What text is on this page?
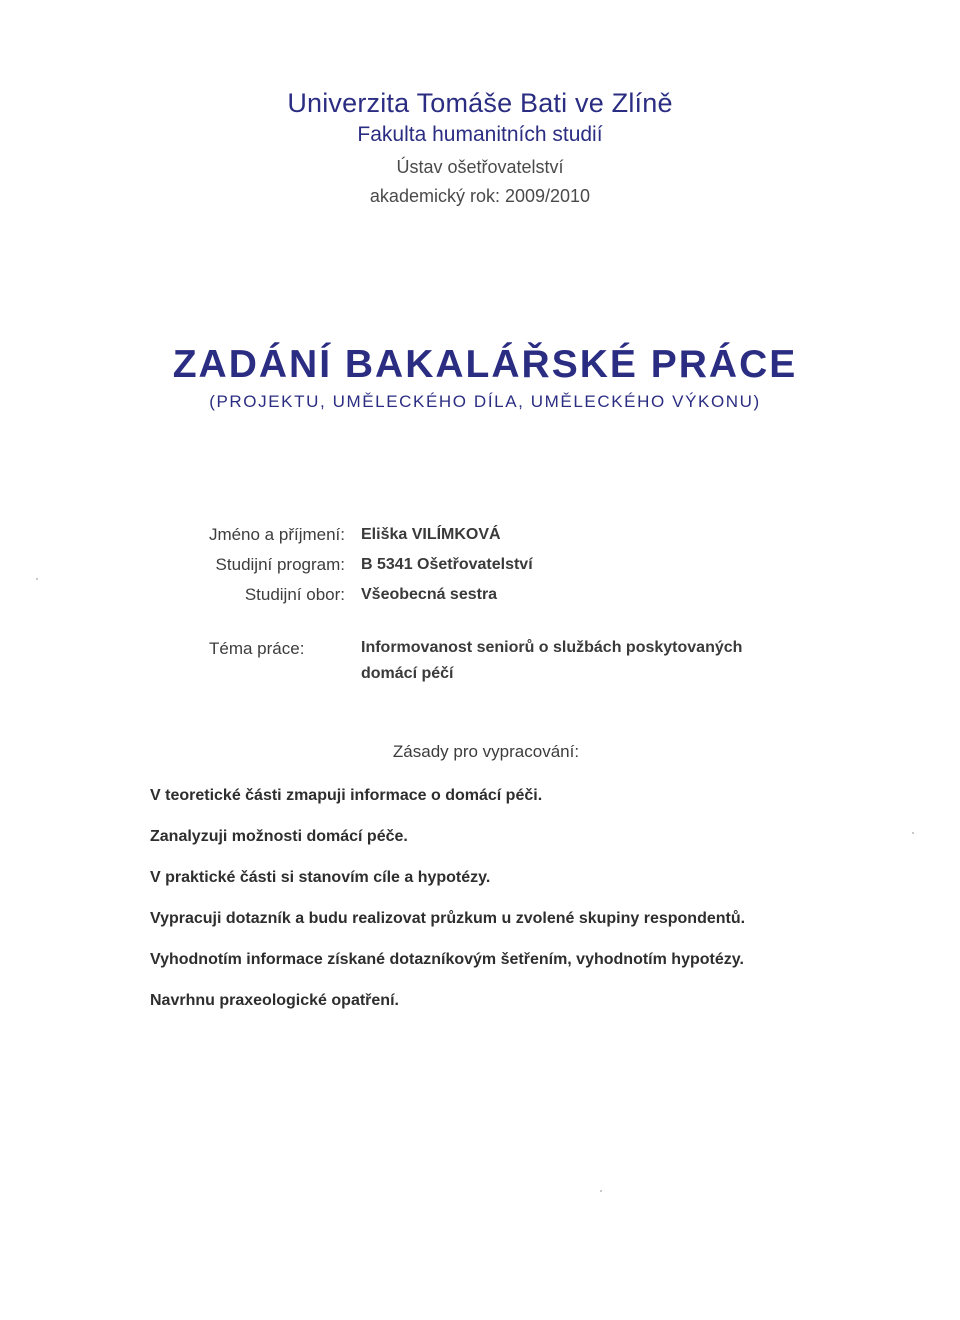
Univerzita Tomáše Bati ve Zlíně
Fakulta humanitních studií
Ústav ošetřovatelství
akademický rok: 2009/2010
ZADÁNÍ BAKALÁŘSKÉ PRÁCE
(PROJEKTU, UMĚLECKÉHO DÍLA, UMĚLECKÉHO VÝKONU)
Jméno a příjmení: Eliška VILÍMKOVÁ
Studijní program: B 5341 Ošetřovatelství
Studijní obor: Všeobecná sestra
Téma práce:	Informovanost seniorů o službách poskytovaných domácí péčí
Zásady pro vypracování:
V teoretické části zmapuji informace o domácí péči.
Zanalyzuji možnosti domácí péče.
V praktické části si stanovím cíle a hypotézy.
Vypracuji dotazník a budu realizovat průzkum u zvolené skupiny respondentů.
Vyhodnotím informace získané dotazníkovým šetřením, vyhodnotím hypotézy.
Navrhnu praxeologické opatření.
